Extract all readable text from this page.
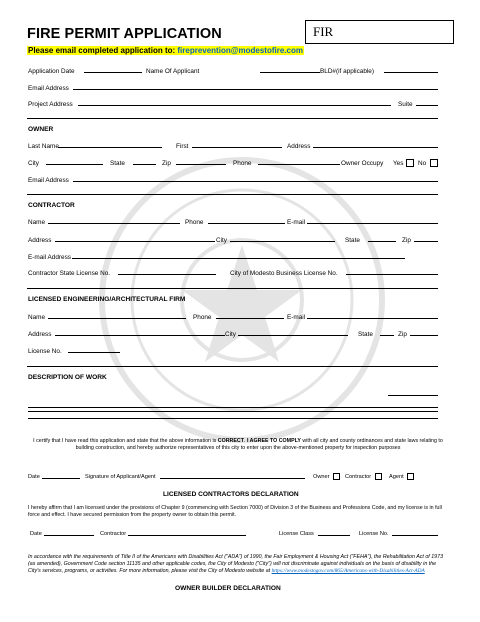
FIRE PERMIT APPLICATION	FIR
Please email completed application to: fireprevention@modestofire.com
Application Date	Name Of Applicant	BLD#(if applicable)
Email Address
Project Address	Suite
OWNER
Last Name	First	Address
City	State	Zip	Phone	Owner Occupy Yes No
Email Address
CONTRACTOR
Name	Phone	E-mail
Address	City	State	Zip
E-mail Address
Contractor State License No.	City of Modesto Business License No.
LICENSED ENGINEERING/ARCHITECTURAL FIRM
Name	Phone	E-mail
Address	City	State	Zip
License No.
DESCRIPTION OF WORK
I certify that I have read this application and state that the above information is CORRECT. I AGREE TO COMPLY with all city and county ordinances and state laws relating to building construction, and hereby authorize representatives of this city to enter upon the above-mentioned property for inspection purposes
Date	Signature of Applicant/Agent	Owner	Contractor	Agent
LICENSED CONTRACTORS DECLARATION
I hereby affirm that I am licensed under the provisions of Chapter 9 (commencing with Section 7000) of Division 3 of the Business and Professions Code, and my license is in full force and effect. I have secured permission from the property owner to obtain this permit.
Date	Contractor	License Class	License No.
In accordance with the requirements of Title II of the Americans with Disabilities Act ("ADA") of 1990, the Fair Employment & Housing Act ("FEHA"), the Rehabilitation Act of 1973 (as amended), Government Code section 11135 and other applicable codes, the City of Modesto ("City") will not discriminate against individuals on the basis of disability in the City's services, programs, or activities. For more information, please visit the City of Modesto website at https://www.modestogov.com/865/Americans-with-Disabilities-Act-ADA
OWNER BUILDER DECLARATION
